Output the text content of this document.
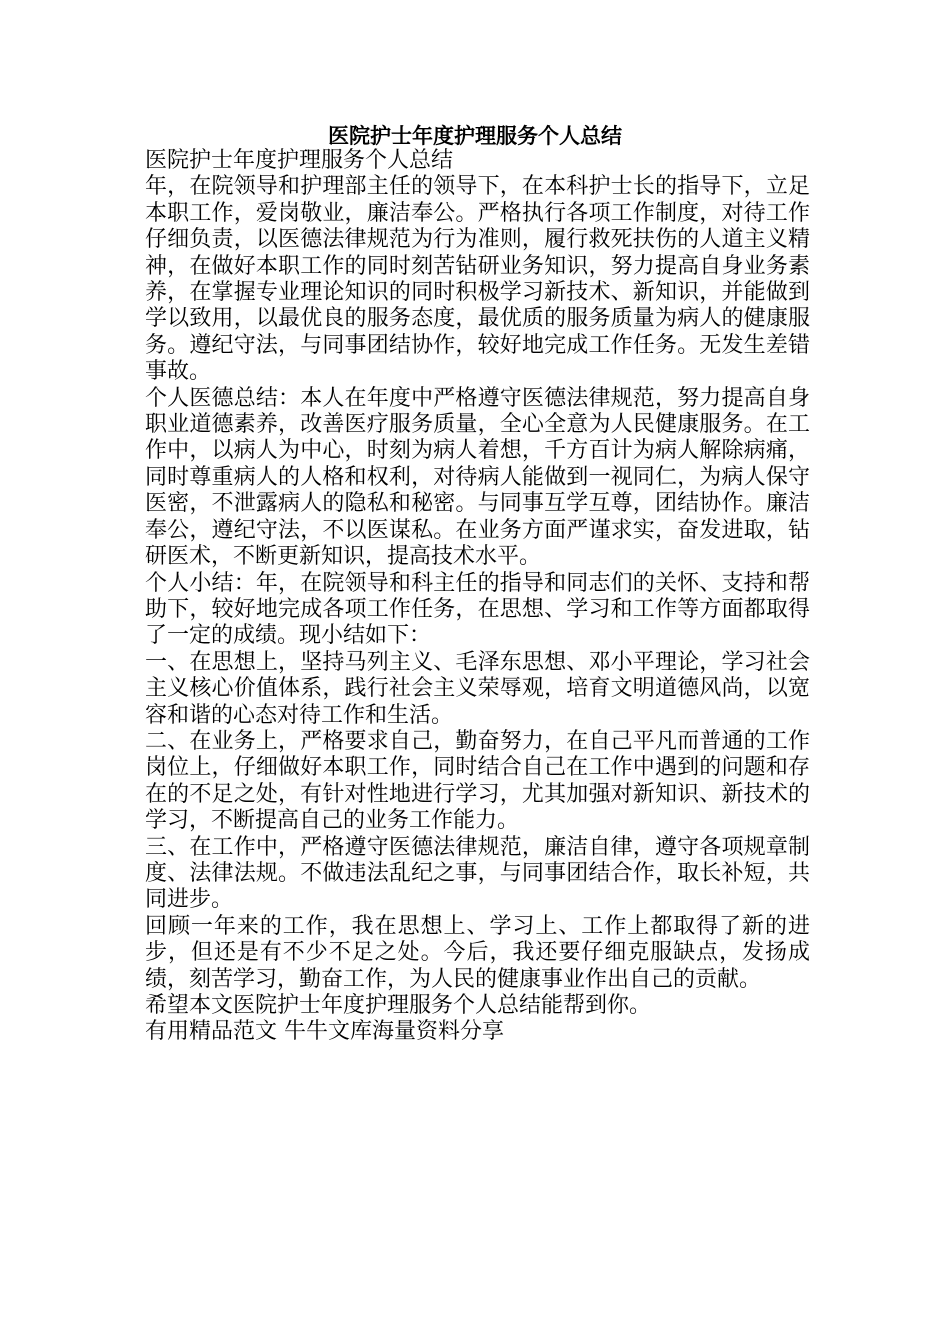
医院护士年度护理服务个人总结

医院护士年度护理服务个人总结

年，在院领导和护理部主任的领导下，在本科护士长的指导下，立足本职工作，爱岗敬业，廉洁奉公。严格执行各项工作制度，对待工作仔细负责，以医德法律规范为行为准则，履行救死扶伤的人道主义精神，在做好本职工作的同时刻苦钻研业务知识，努力提高自身业务素养，在掌握专业理论知识的同时积极学习新技术、新知识，并能做到学以致用，以最优良的服务态度，最优质的服务质量为病人的健康服务。遵纪守法，与同事团结协作，较好地完成工作任务。无发生差错事故。

个人医德总结：本人在年度中严格遵守医德法律规范，努力提高自身职业道德素养，改善医疗服务质量，全心全意为人民健康服务。在工作中，以病人为中心，时刻为病人着想，千方百计为病人解除病痛，同时尊重病人的人格和权利，对待病人能做到一视同仁，为病人保守医密，不泄露病人的隐私和秘密。与同事互学互尊，团结协作。廉洁奉公，遵纪守法，不以医谋私。在业务方面严谨求实，奋发进取，钻研医术，不断更新知识，提高技术水平。

个人小结：年，在院领导和科主任的指导和同志们的关怀、支持和帮助下，较好地完成各项工作任务，在思想、学习和工作等方面都取得了一定的成绩。现小结如下：

一、在思想上，坚持马列主义、毛泽东思想、邓小平理论，学习社会主义核心价值体系，践行社会主义荣辱观，培育文明道德风尚，以宽容和谐的心态对待工作和生活。

二、在业务上，严格要求自己，勤奋努力，在自己平凡而普通的工作岗位上，仔细做好本职工作，同时结合自己在工作中遇到的问题和存在的不足之处，有针对性地进行学习，尤其加强对新知识、新技术的学习，不断提高自己的业务工作能力。

三、在工作中，严格遵守医德法律规范，廉洁自律，遵守各项规章制度、法律法规。不做违法乱纪之事，与同事团结合作，取长补短，共同进步。

回顾一年来的工作，我在思想上、学习上、工作上都取得了新的进步，但还是有不少不足之处。今后，我还要仔细克服缺点，发扬成绩，刻苦学习，勤奋工作，为人民的健康事业作出自己的贡献。

希望本文医院护士年度护理服务个人总结能帮到你。

有用精品范文 牛牛文库海量资料分享
